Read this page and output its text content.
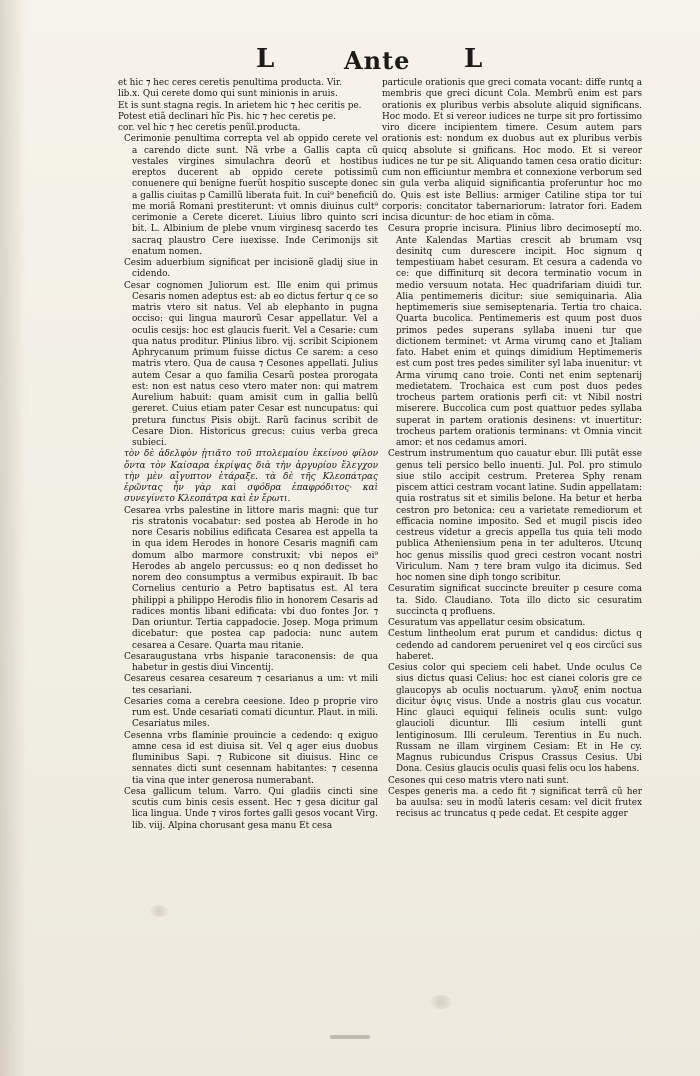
L	Ante L

et hic ⁊ hec ceres ceretis penultima producta. Vir.

lib.x. Qui cerete domo qui sunt minionis in aruis.

Et is sunt stagna regis. In arietem hic ⁊ hec ceritis pe.

Potest etiã declinari hĩc Pis. hic ⁊ hec ceretis pe.

cor. vel hic ⁊ hec ceretis penũl.producta.

Cerimonie penultima correpta vel ab oppido cerete vel a carendo dicte sunt. Nã vrbe a Gallis capta cũ vestales virgines simulachra deorũ et hostibus ereptos ducerent ab oppido cerete potissimũ conuenere qui benigne fuerũt hospitio suscepte donec a gallis ciuitas p Camillũ liberata fuit. In cui⁹ beneficiũ me moriã Romani prestiterunt: vt omnis diuinus cult⁹ cerimonie a Cerete diceret. Liuius libro quinto scri bit. L. Albinium de plebe vnum virginesq sacerdo tes sacraq plaustro Cere iuexisse. Inde Cerimonijs sit enatum nomen.

Cesim aduerbium significat per incisionẽ gladij siue in cidendo.

Cesar cognomen Juliorum est. Ille enim qui primus Cesaris nomen adeptus est: ab eo dictus fertur q ce so matris vtero sit natus. Vel ab elephanto in pugna occiso: qui lingua maurorũ Cesar appellatur. Vel a oculis cesijs: hoc est glaucis fuerit. Vel a Cesarie: cum qua natus proditur. Plinius libro. vij. scribit Scipionem Aphrycanum primum fuisse dictus Ce sarem: a ceso matris vtero. Qua de causa ⁊ Cesones appellati. Julius autem Cesar a quo familia Cesarũ postea prorogata est: non est natus ceso vtero mater non: qui matrem Aurelium habuit: quam amisit cum in gallia bellũ gereret. Cuius etiam pater Cesar est nuncupatus: qui pretura functus Pisis obijt. Rarũ facinus scribit de Cesare Dion. Historicus grecus: cuius verba greca subieci.

τὸν δὲ ἀδελφὸν ᾐτιᾶτο τοῦ πτολεμαίου ἐκείνου φίλον ὄντα τὸν Καίσαρα ἐκρίψας διὰ τὴν ἀργυρίου ἔλεγχον τὴν μὲν αἴγυπτον ἐτάραξε. τὰ δὲ τῆς Κλεοπάτρας ἐρῶντας ἦν γὰρ καὶ σφόδρα ἐπαφρόδιτος· καὶ συνεγίνετο Κλεοπάτρα καὶ ἐν ἔρωτι.

Cesarea vrbs palestine in littore maris magni: que tur ris stratonis vocabatur: sed postea ab Herode in ho nore Cesaris nobilius edificata Cesarea est appella ta in qua idem Herodes in honore Cesaris magnifi cam domum albo marmore construxit: vbi nepos ei⁹ Herodes ab angelo percussus: eo q non dedisset ho norem deo consumptus a vermibus expirauit. Ib bac Cornelius centurio a Petro baptisatus est. Al tera philippi a philippo Herodis filio in honorem Cesaris ad radices montis libani edificata: vbi duo fontes Jor. ⁊ Dan oriuntur. Tertia cappadocie. Josep. Moga primum dicebatur: que postea cap padocia: nunc autem cesarea a Cesare. Quarta mau ritanie.

Cesaraugustana vrbs hispanie taraconensis: de qua habetur in gestis diui Vincentij.

Cesareus cesarea cesareum ⁊ cesarianus a um: vt mili tes cesariani.

Cesaries coma a cerebra ceesione. Ideo p proprie viro rum est. Unde cesariati comati dicuntur. Plaut. in mili. Cesariatus miles.

Cesenna vrbs flaminie prouincie a cedendo: q exiguo amne cesa id est diuisa sit. Vel q ager eius duobus fluminibus Sapi. ⁊ Rubicone sit diuisus. Hinc ce sennates dicti sunt cesennam habitantes: ⁊ cesenna tia vina que inter generosa numerabant.

Cesa gallicum telum. Varro. Qui gladiis cincti sine scutis cum binis cesis essent. Hec ⁊ gesa dicitur gal lica lingua. Unde ⁊ viros fortes galli gesos vocant Virg. lib. viij. Alpina chorusant gesa manu Et cesa

particule orationis que greci comata vocant: diffe runtq a membris que greci dicunt Cola. Membrũ enim est pars orationis ex pluribus verbis absolute aliquid significans. Hoc modo. Et si vereor iudices ne turpe sit pro fortissimo viro dicere incipientem timere. Cesum autem pars orationis est: nondum ex duobus aut ex pluribus verbis quicq absolute si gnificans. Hoc modo. Et si vereor iudices ne tur pe sit. Aliquando tamen cesa oratio dicitur: cum non efficiuntur membra et connexione verborum sed sin gula verba aliquid significantia proferuntur hoc mo do. Quis est iste Bellius: armiger Catiline stipa tor tui corporis: concitator tabernariorum: latrator fori. Eadem incisa dicuntur: de hoc etiam in cõma.

Cesura proprie incisura. Plinius libro decimoseptí mo. Ante Kalendas Martias crescit ab brumam vsq desinitq cum durescere incipit. Hoc signum q tempestiuam habet cesuram. Et cesura a cadenda vo ce: que diffiniturq sit decora terminatio vocum in medio versuum notata. Hec quadrifariam diuidi tur. Alia pentimemeris dicitur: siue semiquinaria. Alia heptimemeris siue semiseptenaria. Tertia tro chaica. Quarta bucolica. Pentimemeris est quum post duos primos pedes superans syllaba inueni tur que dictionem terminet: vt Arma virumq cano et Jtaliam fato. Habet enim et quinqs dimidium Heptimemeris est cum post tres pedes similiter syl laba inuenitur: vt Arma virumq cano troie. Conti net enim septenarij medietatem. Trochaica est cum post duos pedes trocheus partem orationis perfi cit: vt Nibil nostri miserere. Buccolica cum post quattuor pedes syllaba superat in partem orationis desinens: vt inuertitur: trocheus partem orationis terminans: vt Omnia vincit amor: et nos cedamus amori.

Cestrum instrumentum quo cauatur ebur. Illi putãt esse genus teli persico bello inuenti. Jul. Pol. pro stimulo siue stilo accipit cestrum. Preterea Sphy renam piscem attici cestram vocant latine. Sudin appellatam: quia rostratus sit et similis belone. Ha betur et herba cestron pro betonica: ceu a varietate remediorum et efficacia nomine imposito. Sed et mugil piscis ideo cestreus videtur a grecis appella tus quia teli modo publica Atheniensium pena in ter adulteros. Utcunq hoc genus missilis quod greci cestron vocant nostri Viriculum. Nam ⁊ tere bram vulgo ita dicimus. Sed hoc nomen sine diph tongo scribitur.

Cesuratim significat succincte breuiter p cesure coma ta. Sido. Claudiano. Tota illo dicto sic cesuratim succincta q profluens.

Cesuratum vas appellatur cesim obsicatum.

Cestum lintheolum erat purum et candidus: dictus q cedendo ad candorem perueniret vel q eos circũci sus haberet.

Cesius color qui speciem celi habet. Unde oculus Ce sius dictus quasi Celius: hoc est cianei coloris gre ce glaucopys ab oculis noctuarum. γλαυξ enim noctua dicitur ὀψις visus. Unde a nostris glau cus vocatur. Hinc glauci equiqui felineis oculis sunt: vulgo glaucioli dicuntur. Illi cesium intelli gunt lentiginosum. Illi ceruleum. Terentius in Eu nuch. Russam ne illam virginem Cesiam: Et in He cy. Magnus rubicundus Crispus Crassus Cesius. Ubi Dona. Cesius glaucis oculis quasi felis ocu los habens.

Cesones qui ceso matris vtero nati sunt.

Cespes generis ma. a cedo fit ⁊ significat terrã cũ her ba auulsa: seu in modũ lateris cesam: vel dicit frutex recisus ac truncatus q pede cedat. Et cespite agger
